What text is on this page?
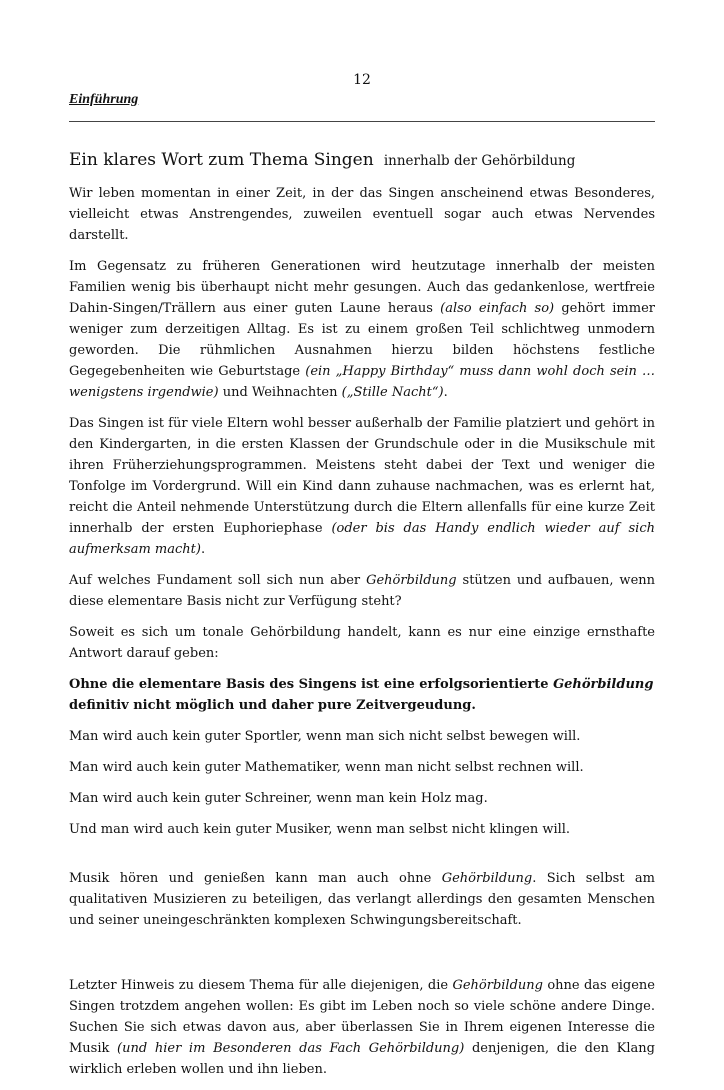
12
Einführung
Ein klares Wort zum Thema Singen innerhalb der Gehörbildung

Wir leben momentan in einer Zeit, in der das Singen anscheinend etwas Besonderes, vielleicht etwas Anstrengendes, zuweilen eventuell sogar auch etwas Nervendes darstellt.

Im Gegensatz zu früheren Generationen wird heutzutage innerhalb der meisten Familien wenig bis überhaupt nicht mehr gesungen. Auch das gedankenlose, wertfreie Dahin-Singen/Trällern aus einer guten Laune heraus (also einfach so) gehört immer weniger zum derzeitigen Alltag. Es ist zu einem großen Teil schlichtweg unmodern geworden. Die rühmlichen Ausnahmen hierzu bilden höchstens festliche Gegegebenheiten wie Geburtstage (ein „Happy Birthday“ muss dann wohl doch sein … wenigstens irgendwie) und Weihnachten („Stille Nacht“).

Das Singen ist für viele Eltern wohl besser außerhalb der Familie platziert und gehört in den Kindergarten, in die ersten Klassen der Grundschule oder in die Musikschule mit ihren Früherziehungsprogrammen. Meistens steht dabei der Text und weniger die Tonfolge im Vordergrund. Will ein Kind dann zuhause nachmachen, was es erlernt hat, reicht die Anteil nehmende Unterstützung durch die Eltern allenfalls für eine kurze Zeit innerhalb der ersten Euphoriephase (oder bis das Handy endlich wieder auf sich aufmerksam macht).

Auf welches Fundament soll sich nun aber Gehörbildung stützen und aufbauen, wenn diese elementare Basis nicht zur Verfügung steht?

Soweit es sich um tonale Gehörbildung handelt, kann es nur eine einzige ernsthafte Antwort darauf geben:

Ohne die elementare Basis des Singens ist eine erfolgsorientierte Gehörbildung definitiv nicht möglich und daher pure Zeitvergeudung.

Man wird auch kein guter Sportler, wenn man sich nicht selbst bewegen will.

Man wird auch kein guter Mathematiker, wenn man nicht selbst rechnen will.

Man wird auch kein guter Schreiner, wenn man kein Holz mag.

Und man wird auch kein guter Musiker, wenn man selbst nicht klingen will.

Musik hören und genießen kann man auch ohne Gehörbildung. Sich selbst am qualitativen Musizieren zu beteiligen, das verlangt allerdings den gesamten Menschen und seiner uneingeschränkten komplexen Schwingungsbereitschaft.

Letzter Hinweis zu diesem Thema für alle diejenigen, die Gehörbildung ohne das eigene Singen trotzdem angehen wollen: Es gibt im Leben noch so viele schöne andere Dinge. Suchen Sie sich etwas davon aus, aber überlassen Sie in Ihrem eigenen Interesse die Musik (und hier im Besonderen das Fach Gehörbildung) denjenigen, die den Klang wirklich erleben wollen und ihn lieben.
